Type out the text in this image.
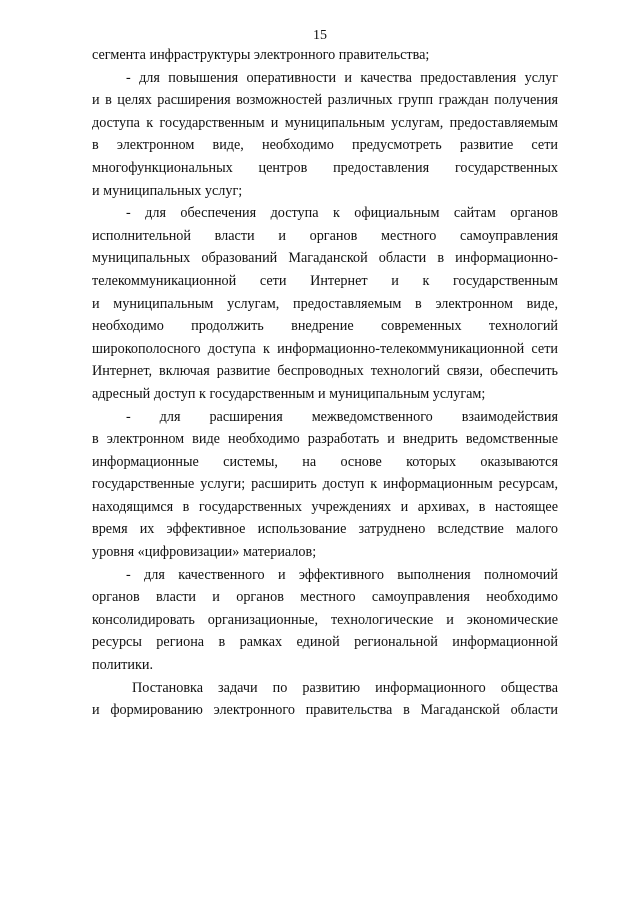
15
сегмента инфраструктуры электронного правительства;
- для повышения оперативности и качества предоставления услуг
и в целях расширения возможностей различных групп граждан получения
доступа к государственным и муниципальным услугам, предоставляемым
в электронном виде, необходимо предусмотреть развитие сети
многофункциональных центров предоставления государственных
и муниципальных услуг;
- для обеспечения доступа к официальным сайтам органов
исполнительной власти и органов местного самоуправления
муниципальных образований Магаданской области в информационно-
телекоммуникационной сети Интернет и к государственным
и муниципальным услугам, предоставляемым в электронном виде,
необходимо продолжить внедрение современных технологий
широкополосного доступа к информационно-телекоммуникационной сети
Интернет, включая развитие беспроводных технологий связи, обеспечить
адресный доступ к государственным и муниципальным услугам;
- для расширения межведомственного взаимодействия
в электронном виде необходимо разработать и внедрить ведомственные
информационные системы, на основе которых оказываются
государственные услуги; расширить доступ к информационным ресурсам,
находящимся в государственных учреждениях и архивах, в настоящее
время их эффективное использование затруднено вследствие малого
уровня «цифровизации» материалов;
- для качественного и эффективного выполнения полномочий
органов власти и органов местного самоуправления необходимо
консолидировать организационные, технологические и экономические
ресурсы региона в рамках единой региональной информационной
политики.
Постановка задачи по развитию информационного общества
и формированию электронного правительства в Магаданской области
